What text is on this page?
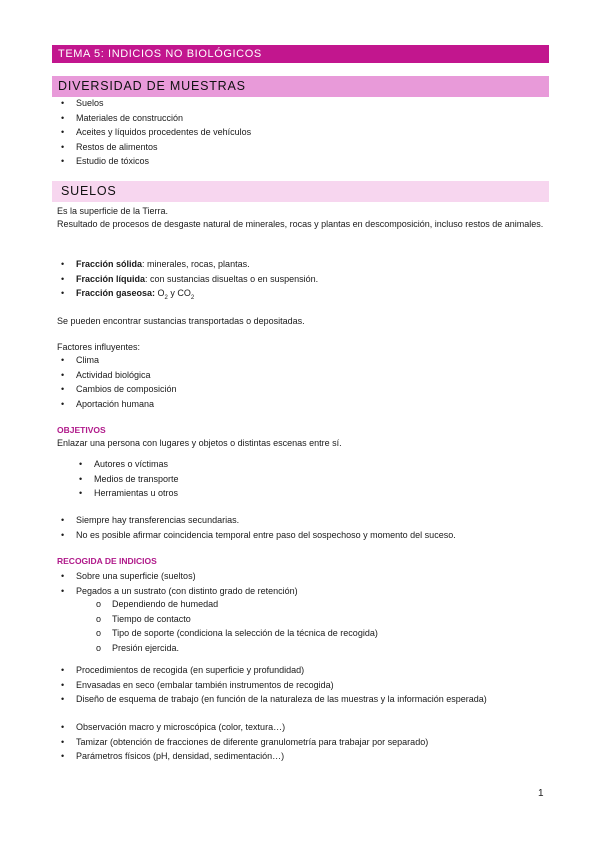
TEMA 5: INDICIOS NO BIOLÓGICOS
DIVERSIDAD DE MUESTRAS
• Suelos
• Materiales de construcción
• Aceites y líquidos procedentes de vehículos
• Restos de alimentos
• Estudio de tóxicos
SUELOS
Es la superficie de la Tierra.
Resultado de procesos de desgaste natural de minerales, rocas y plantas en descomposición, incluso restos de animales.
• Fracción sólida: minerales, rocas, plantas.
• Fracción líquida: con sustancias disueltas o en suspensión.
• Fracción gaseosa: $O_2$ y $CO_2$
Se pueden encontrar sustancias transportadas o depositadas.
Factores influyentes:
• Clima
• Actividad biológica
• Cambios de composición
• Aportación humana
OBJETIVOS
Enlazar una persona con lugares y objetos o distintas escenas entre sí.
• Autores o víctimas
• Medios de transporte
• Herramientas u otros
• Siempre hay transferencias secundarias.
• No es posible afirmar coincidencia temporal entre paso del sospechoso y momento del suceso.
RECOGIDA DE INDICIOS
• Sobre una superficie (sueltos)
• Pegados a un sustrato (con distinto grado de retención)
o Dependiendo de humedad
o Tiempo de contacto
o Tipo de soporte (condiciona la selección de la técnica de recogida)
o Presión ejercida.
• Procedimientos de recogida (en superficie y profundidad)
• Envasadas en seco (embalar también instrumentos de recogida)
• Diseño de esquema de trabajo (en función de la naturaleza de las muestras y la información esperada)
• Observación macro y microscópica (color, textura…)
• Tamizar (obtención de fracciones de diferente granulometría para trabajar por separado)
• Parámetros físicos (pH, densidad, sedimentación…)
1
